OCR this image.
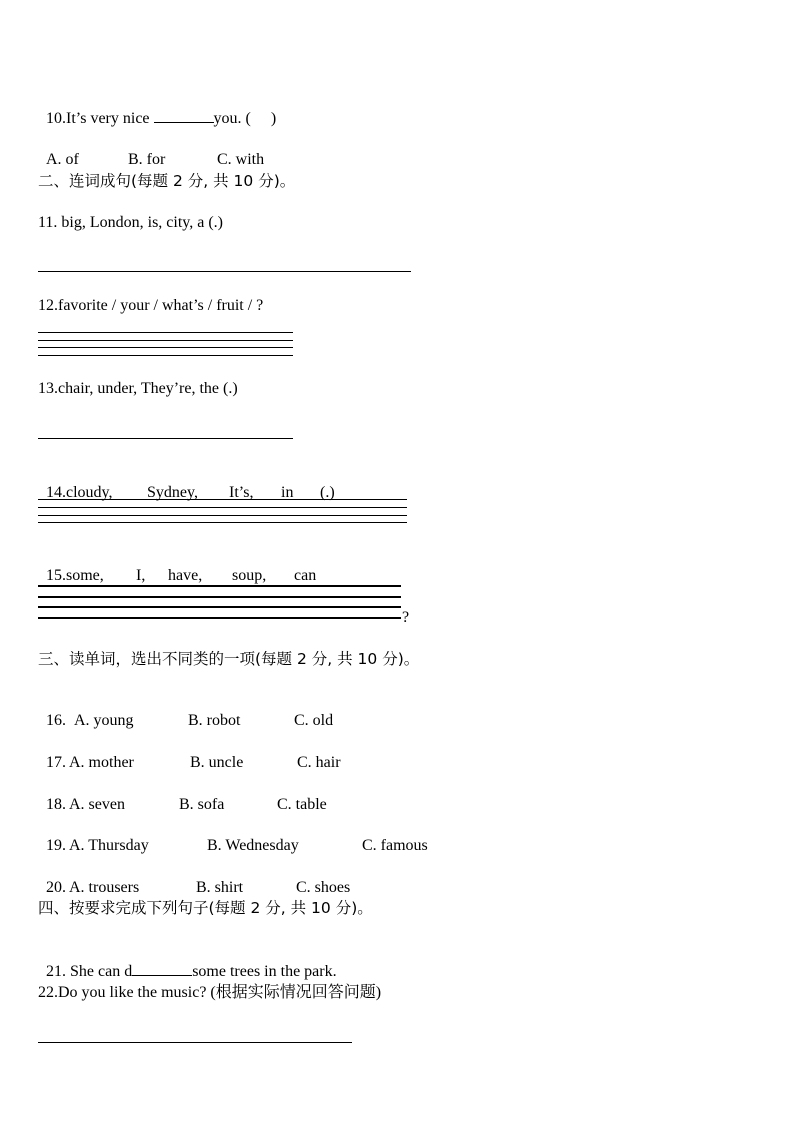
10.It’s very nice	you. (     )

A. of	B. for	C. with

二、连词成句(每题 2 分, 共 10 分)。
11. big, London, is, city, a (.)
12.favorite / your / what’s / fruit / ?
13.chair, under, They’re, the (.)

14.cloudy, Sydney, It’s, in (.)

15.some, I, have, soup, can

?
三、读单词，选出不同类的一项(每题 2 分, 共 10 分)。

16. A. young	B. robot	C. old

17. A. mother	B. uncle	C. hair

18. A. seven	B. sofa	C. table

19. A. Thursday	B. Wednesday	C. famous

20. A. trousers	B. shirt	C. shoes

四、按要求完成下列句子(每题 2 分, 共 10 分)。

21. She can d	some trees in the park.

22.Do you like the music? (根据实际情况回答问题)
